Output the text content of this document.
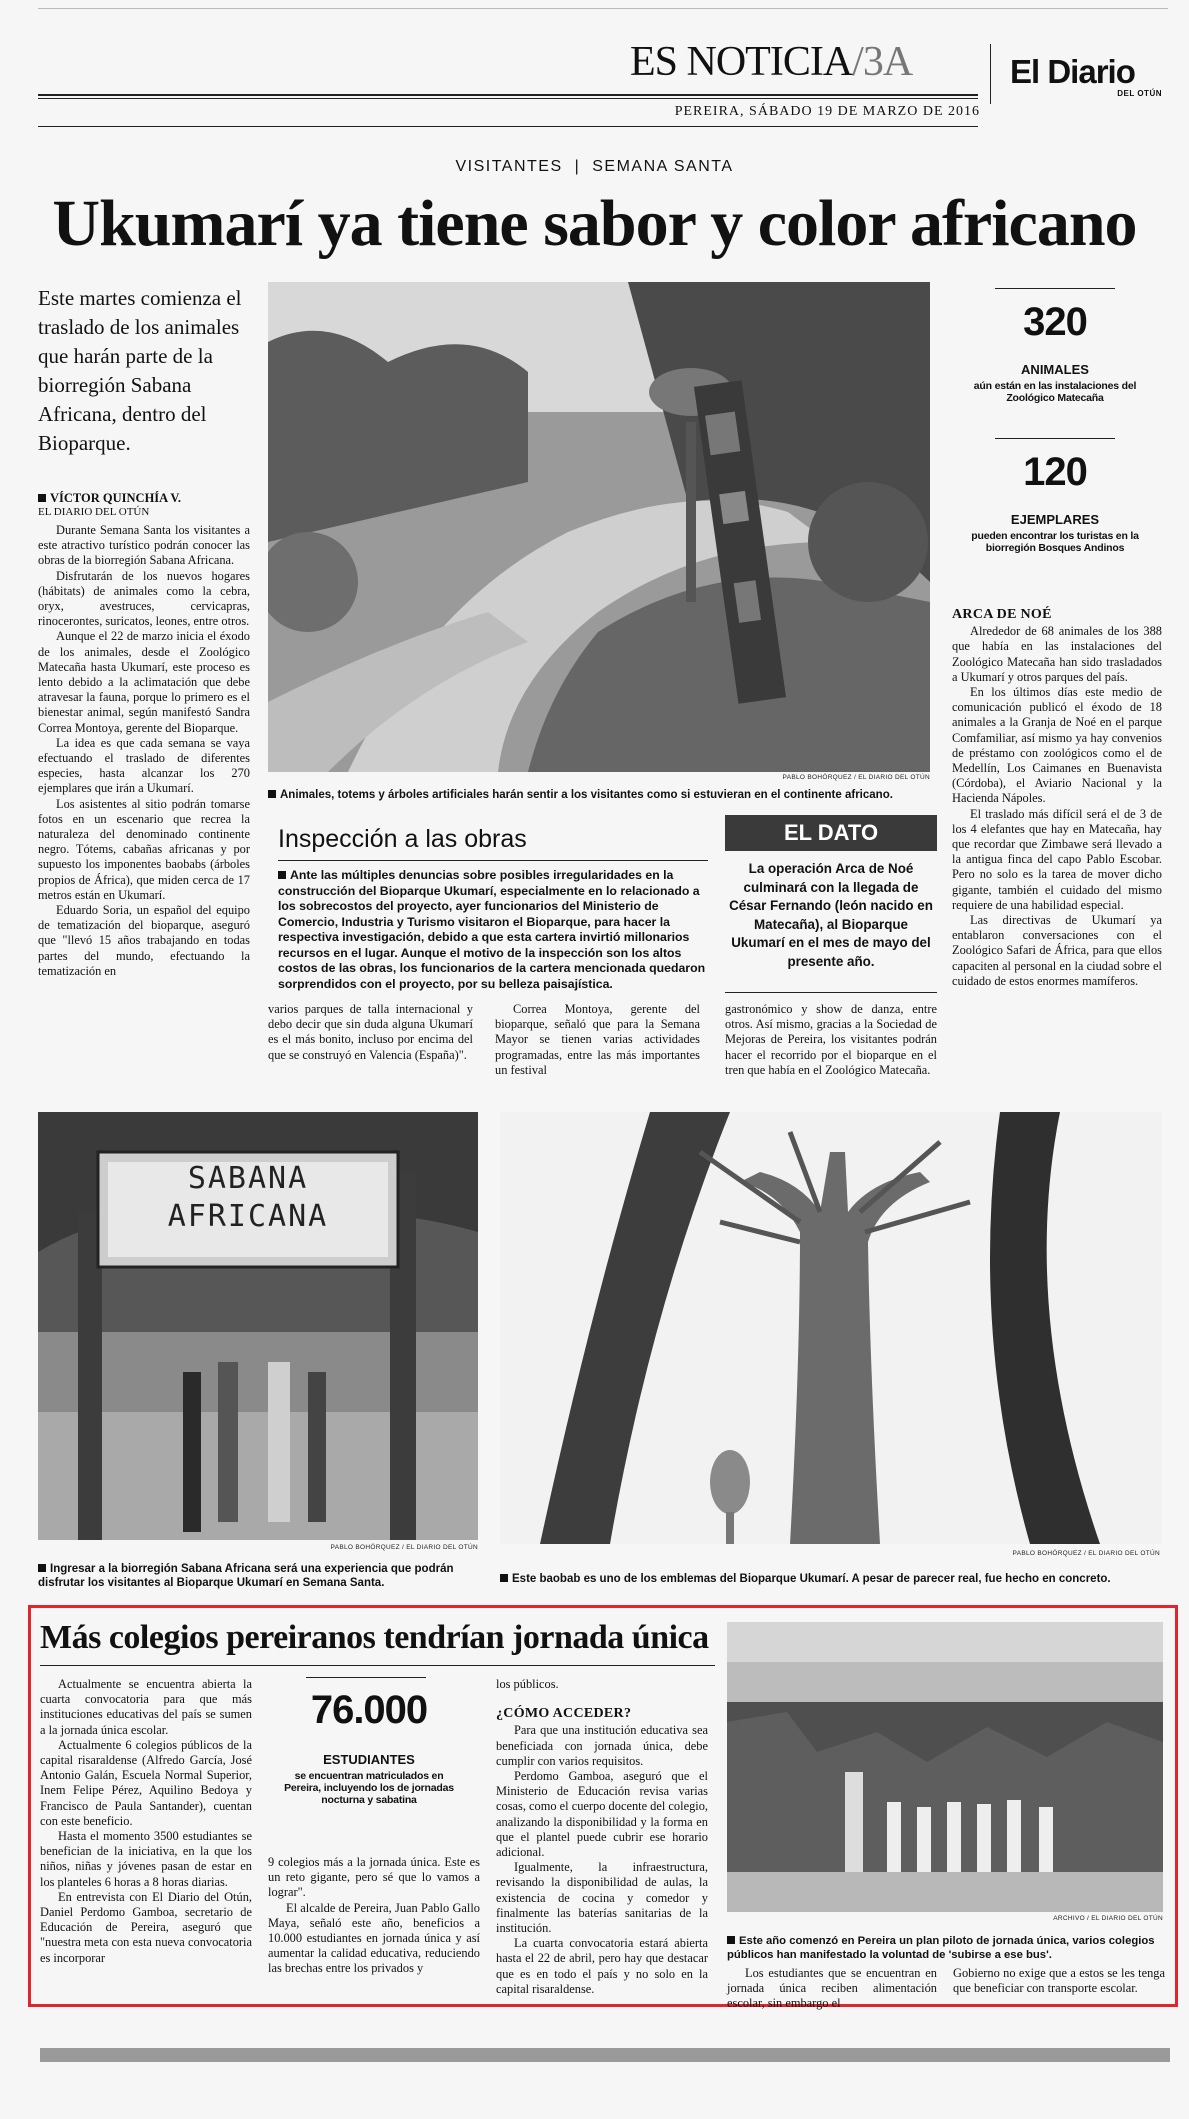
ES NOTICIA/3A	El Diario
DEL OTÚN
PEREIRA, SÁBADO 19 DE MARZO DE 2016
VISITANTES | SEMANA SANTA
Ukumarí ya tiene sabor y color africano
Este martes comienza el traslado de los animales que harán parte de la biorregión Sabana Africana, dentro del Bioparque.
VÍCTOR QUINCHÍA V.
EL DIARIO DEL OTÚN

Durante Semana Santa los visitantes a este atractivo turístico podrán conocer las obras de la biorregión Sabana Africana.

Disfrutarán de los nuevos hogares (hábitats) de animales como la cebra, oryx, avestruces, cervicapras, rinocerontes, suricatos, leones, entre otros.

Aunque el 22 de marzo inicia el éxodo de los animales, desde el Zoológico Matecaña hasta Ukumarí, este proceso es lento debido a la aclimatación que debe atravesar la fauna, porque lo primero es el bienestar animal, según manifestó Sandra Correa Montoya, gerente del Bioparque.

La idea es que cada semana se vaya efectuando el traslado de diferentes especies, hasta alcanzar los 270 ejemplares que irán a Ukumarí.

Los asistentes al sitio podrán tomarse fotos en un escenario que recrea la naturaleza del denominado continente negro. Tótems, cabañas africanas y por supuesto los imponentes baobabs (árboles propios de África), que miden cerca de 17 metros están en Ukumarí.

Eduardo Soria, un español del equipo de tematización del bioparque, aseguró que "llevó 15 años trabajando en todas partes del mundo, efectuando la tematización en

PABLO BOHÓRQUEZ / EL DIARIO DEL OTÚN
Animales, totems y árboles artificiales harán sentir a los visitantes como si estuvieran en el continente africano.
320
ANIMALES
aún están en las instalaciones del Zoológico Matecaña
120
EJEMPLARES
pueden encontrar los turistas en la biorregión Bosques Andinos
ARCA DE NOÉ

Alrededor de 68 animales de los 388 que había en las instalaciones del Zoológico Matecaña han sido trasladados a Ukumarí y otros parques del país.

En los últimos días este medio de comunicación publicó el éxodo de 18 animales a la Granja de Noé en el parque Comfamiliar, así mismo ya hay convenios de préstamo con zoológicos como el de Medellín, Los Caimanes en Buenavista (Córdoba), el Aviario Nacional y la Hacienda Nápoles.

El traslado más difícil será el de 3 de los 4 elefantes que hay en Matecaña, hay que recordar que Zimbawe será llevado a la antigua finca del capo Pablo Escobar. Pero no solo es la tarea de mover dicho gigante, también el cuidado del mismo requiere de una habilidad especial.

Las directivas de Ukumarí ya entablaron conversaciones con el Zoológico Safari de África, para que ellos capaciten al personal en la ciudad sobre el cuidado de estos enormes mamíferos.

Inspección a las obras
Ante las múltiples denuncias sobre posibles irregularidades en la construcción del Bioparque Ukumarí, especialmente en lo relacionado a los sobrecostos del proyecto, ayer funcionarios del Ministerio de Comercio, Industria y Turismo visitaron el Bioparque, para hacer la respectiva investigación, debido a que esta cartera invirtió millonarios recursos en el lugar. Aunque el motivo de la inspección son los altos costos de las obras, los funcionarios de la cartera mencionada quedaron sorprendidos con el proyecto, por su belleza paisajística.
EL DATO
La operación Arca de Noé culminará con la llegada de César Fernando (león nacido en Matecaña), al Bioparque Ukumarí en el mes de mayo del presente año.

varios parques de talla internacional y debo decir que sin duda alguna Ukumarí es el más bonito, incluso por encima del que se construyó en Valencia (España)".

Correa Montoya, gerente del bioparque, señaló que para la Semana Mayor se tienen varias actividades programadas, entre las más importantes un festival

gastronómico y show de danza, entre otros. Así mismo, gracias a la Sociedad de Mejoras de Pereira, los visitantes podrán hacer el recorrido por el bioparque en el tren que había en el Zoológico Matecaña.

SABANA AFRICANA
PABLO BOHÓRQUEZ / EL DIARIO DEL OTÚN
Ingresar a la biorregión Sabana Africana será una experiencia que podrán disfrutar los visitantes al Bioparque Ukumarí en Semana Santa.
PABLO BOHÓRQUEZ / EL DIARIO DEL OTÚN
Este baobab es uno de los emblemas del Bioparque Ukumarí. A pesar de parecer real, fue hecho en concreto.
Más colegios pereiranos tendrían jornada única

Actualmente se encuentra abierta la cuarta convocatoria para que más instituciones educativas del país se sumen a la jornada única escolar.

Actualmente 6 colegios públicos de la capital risaraldense (Alfredo García, José Antonio Galán, Escuela Normal Superior, Inem Felipe Pérez, Aquilino Bedoya y Francisco de Paula Santander), cuentan con este beneficio.

Hasta el momento 3500 estudiantes se benefician de la iniciativa, en la que los niños, niñas y jóvenes pasan de estar en los planteles 6 horas a 8 horas diarias.

En entrevista con El Diario del Otún, Daniel Perdomo Gamboa, secretario de Educación de Pereira, aseguró que "nuestra meta con esta nueva convocatoria es incorporar

76.000
ESTUDIANTES
se encuentran matriculados en Pereira, incluyendo los de jornadas nocturna y sabatina

9 colegios más a la jornada única. Este es un reto gigante, pero sé que lo vamos a lograr".

El alcalde de Pereira, Juan Pablo Gallo Maya, señaló este año, beneficios a 10.000 estudiantes en jornada única y así aumentar la calidad educativa, reduciendo las brechas entre los privados y

los públicos.

¿CÓMO ACCEDER?

Para que una institución educativa sea beneficiada con jornada única, debe cumplir con varios requisitos.

Perdomo Gamboa, aseguró que el Ministerio de Educación revisa varias cosas, como el cuerpo docente del colegio, analizando la disponibilidad y la forma en que el plantel puede cubrir ese horario adicional.

Igualmente, la infraestructura, revisando la disponibilidad de aulas, la existencia de cocina y comedor y finalmente las baterías sanitarias de la institución.

La cuarta convocatoria estará abierta hasta el 22 de abril, pero hay que destacar que es en todo el país y no solo en la capital risaraldense.

ARCHIVO / EL DIARIO DEL OTÚN
Este año comenzó en Pereira un plan piloto de jornada única, varios colegios públicos han manifestado la voluntad de 'subirse a ese bus'.

Los estudiantes que se encuentran en jornada única reciben alimentación escolar, sin embargo el

Gobierno no exige que a estos se les tenga que beneficiar con transporte escolar.
